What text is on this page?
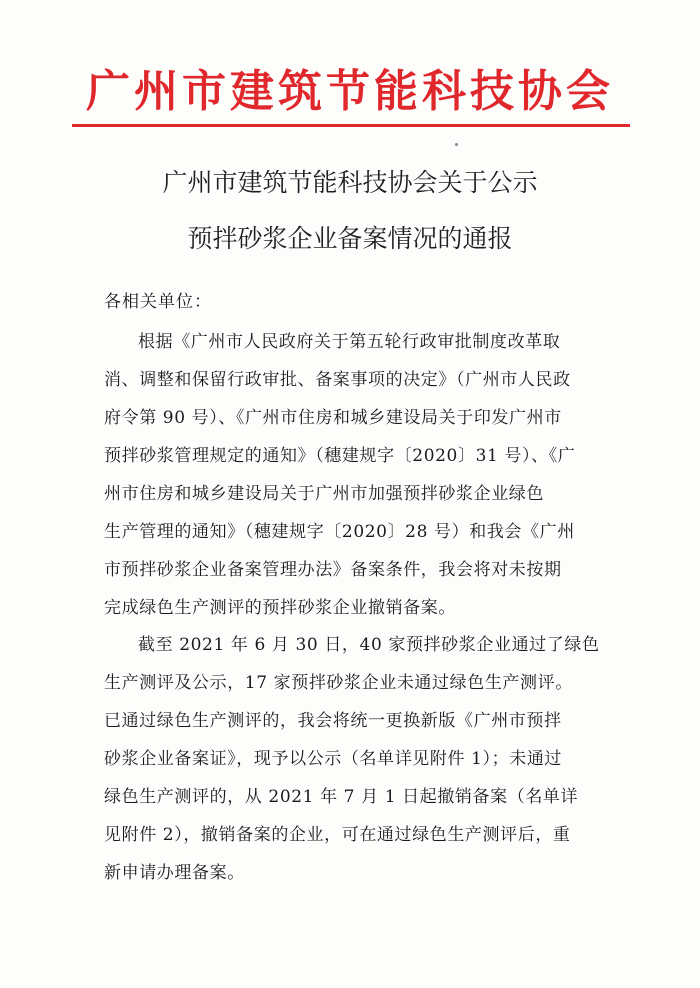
广州市建筑节能科技协会
广州市建筑节能科技协会关于公示
预拌砂浆企业备案情况的通报
各相关单位：
根据《广州市人民政府关于第五轮行政审批制度改革取
消、调整和保留行政审批、备案事项的决定》（广州市人民政
府令第 90 号）、《广州市住房和城乡建设局关于印发广州市
预拌砂浆管理规定的通知》（穗建规字〔2020〕31 号）、《广
州市住房和城乡建设局关于广州市加强预拌砂浆企业绿色
生产管理的通知》（穗建规字〔2020〕28 号）和我会《广州
市预拌砂浆企业备案管理办法》备案条件，我会将对未按期
完成绿色生产测评的预拌砂浆企业撤销备案。
截至 2021 年 6 月 30 日，40 家预拌砂浆企业通过了绿色
生产测评及公示，17 家预拌砂浆企业未通过绿色生产测评。
已通过绿色生产测评的，我会将统一更换新版《广州市预拌
砂浆企业备案证》，现予以公示（名单详见附件 1）；未通过
绿色生产测评的，从 2021 年 7 月 1 日起撤销备案（名单详
见附件 2），撤销备案的企业，可在通过绿色生产测评后，重
新申请办理备案。
